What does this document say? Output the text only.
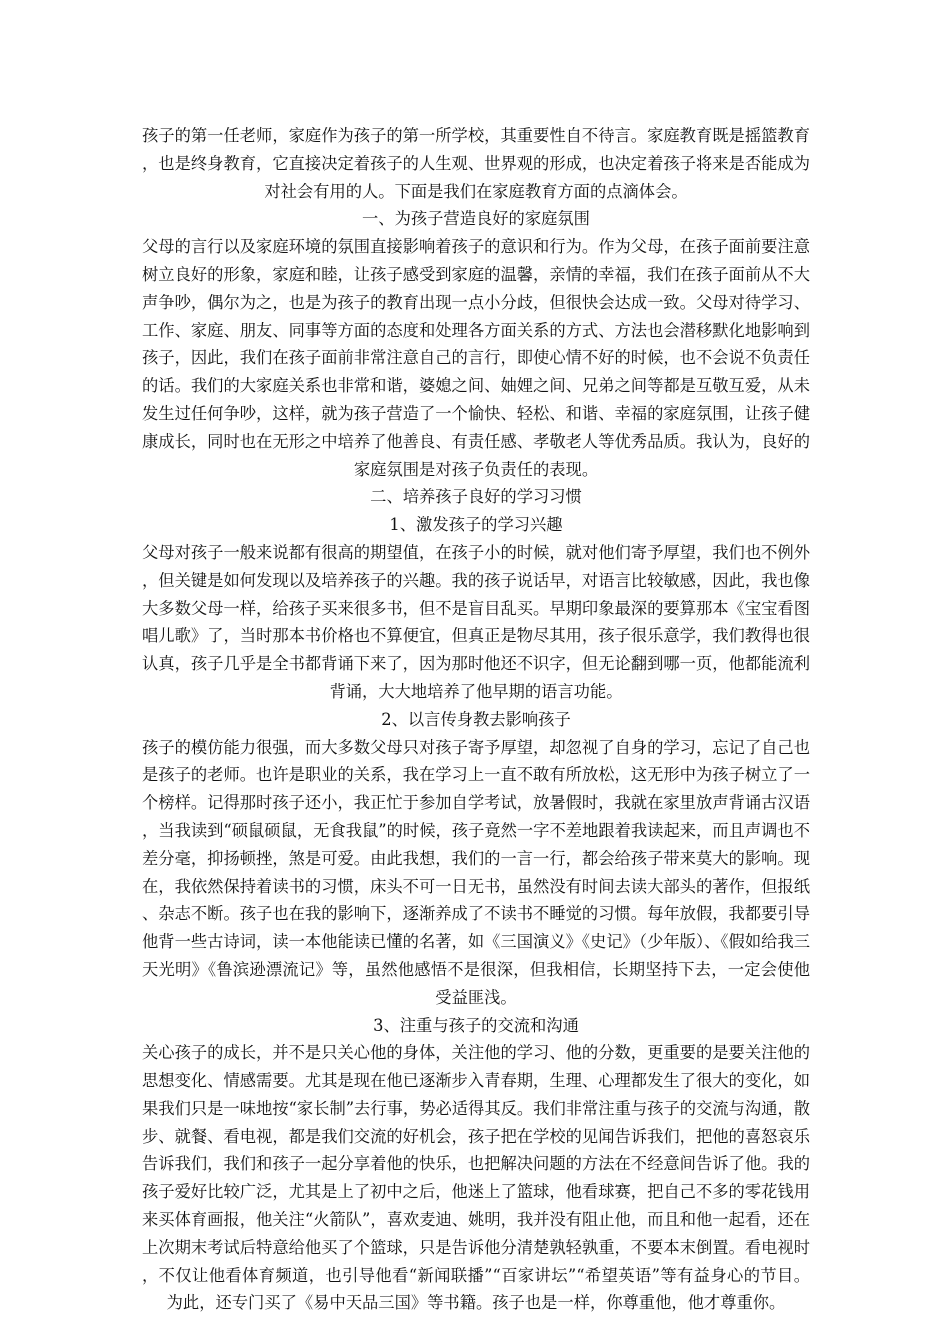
孩子的第一任老师，家庭作为孩子的第一所学校，其重要性自不待言。家庭教育既是摇篮教育，也是终身教育，它直接决定着孩子的人生观、世界观的形成，也决定着孩子将来是否能成为对社会有用的人。下面是我们在家庭教育方面的点滴体会。

一、为孩子营造良好的家庭氛围

父母的言行以及家庭环境的氛围直接影响着孩子的意识和行为。作为父母，在孩子面前要注意树立良好的形象，家庭和睦，让孩子感受到家庭的温馨，亲情的幸福，我们在孩子面前从不大声争吵，偶尔为之，也是为孩子的教育出现一点小分歧，但很快会达成一致。父母对待学习、工作、家庭、朋友、同事等方面的态度和处理各方面关系的方式、方法也会潜移默化地影响到孩子，因此，我们在孩子面前非常注意自己的言行，即使心情不好的时候，也不会说不负责任的话。我们的大家庭关系也非常和谐，婆媳之间、妯娌之间、兄弟之间等都是互敬互爱，从未发生过任何争吵，这样，就为孩子营造了一个愉快、轻松、和谐、幸福的家庭氛围，让孩子健康成长，同时也在无形之中培养了他善良、有责任感、孝敬老人等优秀品质。我认为，良好的家庭氛围是对孩子负责任的表现。

二、培养孩子良好的学习习惯

1、激发孩子的学习兴趣

父母对孩子一般来说都有很高的期望值，在孩子小的时候，就对他们寄予厚望，我们也不例外，但关键是如何发现以及培养孩子的兴趣。我的孩子说话早，对语言比较敏感，因此，我也像大多数父母一样，给孩子买来很多书，但不是盲目乱买。早期印象最深的要算那本《宝宝看图唱儿歌》了，当时那本书价格也不算便宜，但真正是物尽其用，孩子很乐意学，我们教得也很认真，孩子几乎是全书都背诵下来了，因为那时他还不识字，但无论翻到哪一页，他都能流利背诵，大大地培养了他早期的语言功能。

2、以言传身教去影响孩子

孩子的模仿能力很强，而大多数父母只对孩子寄予厚望，却忽视了自身的学习，忘记了自己也是孩子的老师。也许是职业的关系，我在学习上一直不敢有所放松，这无形中为孩子树立了一个榜样。记得那时孩子还小，我正忙于参加自学考试，放暑假时，我就在家里放声背诵古汉语，当我读到“硕鼠硕鼠，无食我鼠”的时候，孩子竟然一字不差地跟着我读起来，而且声调也不差分毫，抑扬顿挫，煞是可爱。由此我想，我们的一言一行，都会给孩子带来莫大的影响。现在，我依然保持着读书的习惯，床头不可一日无书，虽然没有时间去读大部头的著作，但报纸、杂志不断。孩子也在我的影响下，逐渐养成了不读书不睡觉的习惯。每年放假，我都要引导他背一些古诗词，读一本他能读已懂的名著，如《三国演义》《史记》（少年版）、《假如给我三天光明》《鲁滨逊漂流记》等，虽然他感悟不是很深，但我相信，长期坚持下去，一定会使他受益匪浅。

3、注重与孩子的交流和沟通

关心孩子的成长，并不是只关心他的身体，关注他的学习、他的分数，更重要的是要关注他的思想变化、情感需要。尤其是现在他已逐渐步入青春期，生理、心理都发生了很大的变化，如果我们只是一味地按“家长制”去行事，势必适得其反。我们非常注重与孩子的交流与沟通，散步、就餐、看电视，都是我们交流的好机会，孩子把在学校的见闻告诉我们，把他的喜怒哀乐告诉我们，我们和孩子一起分享着他的快乐，也把解决问题的方法在不经意间告诉了他。我的孩子爱好比较广泛，尤其是上了初中之后，他迷上了篮球，他看球赛，把自己不多的零花钱用来买体育画报，他关注“火箭队”，喜欢麦迪、姚明，我并没有阻止他，而且和他一起看，还在上次期末考试后特意给他买了个篮球，只是告诉他分清楚孰轻孰重，不要本末倒置。看电视时，不仅让他看体育频道，也引导他看“新闻联播”“百家讲坛”“希望英语”等有益身心的节目。为此，还专门买了《易中天品三国》等书籍。孩子也是一样，你尊重他，他才尊重你。
